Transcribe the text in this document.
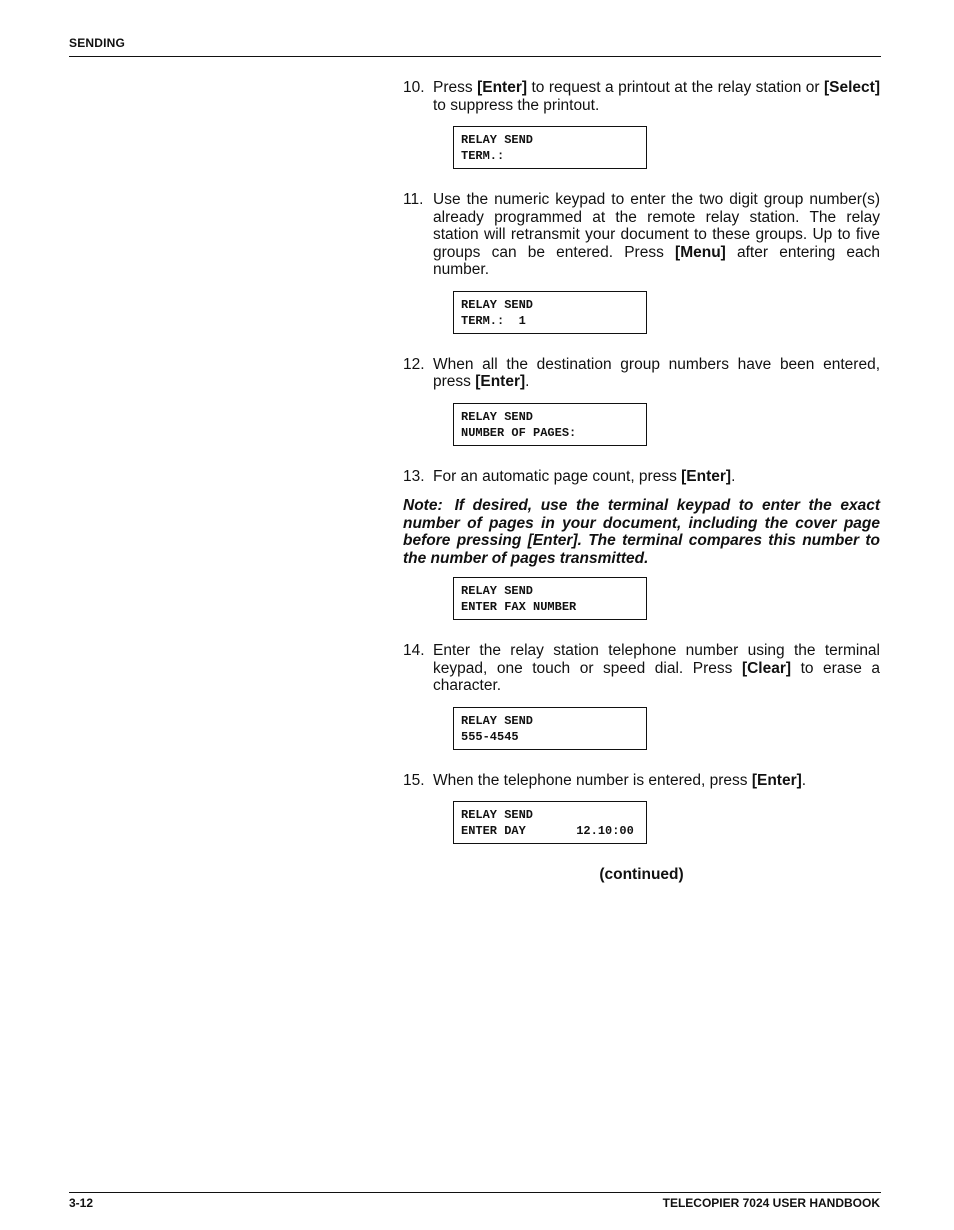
SENDING
10. Press [Enter] to request a printout at the relay station or [Select] to suppress the printout.
RELAY SEND
TERM.:
11. Use the numeric keypad to enter the two digit group number(s) already programmed at the remote relay station. The relay station will retransmit your document to these groups. Up to five groups can be entered. Press [Menu] after entering each number.
RELAY SEND
TERM.:  1
12. When all the destination group numbers have been entered, press [Enter].
RELAY SEND
NUMBER OF PAGES:
13. For an automatic page count, press [Enter].
Note: If desired, use the terminal keypad to enter the exact number of pages in your document, including the cover page before pressing [Enter]. The terminal compares this number to the number of pages transmitted.
RELAY SEND
ENTER FAX NUMBER
14. Enter the relay station telephone number using the terminal keypad, one touch or speed dial. Press [Clear] to erase a character.
RELAY SEND
555-4545
15. When the telephone number is entered, press [Enter].
RELAY SEND
ENTER DAY       12.10:00
(continued)
3-12	TELECOPIER 7024 USER HANDBOOK
